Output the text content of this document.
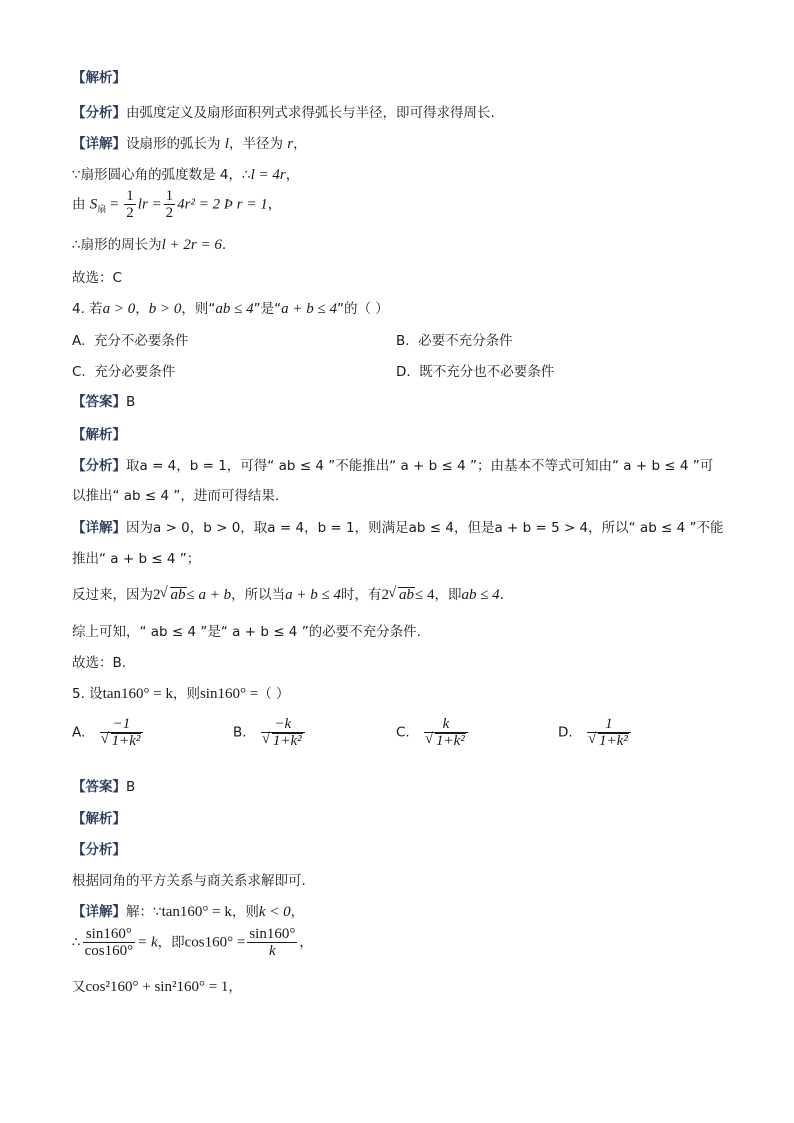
【解析】
【分析】由弧度定义及扇形面积列式求得弧长与半径，即可得求得周长.
【详解】设扇形的弧长为 l，半径为 r，
∵扇形圆心角的弧度数是 4，∴l = 4r，
由 $S_扇 = \frac{1}{2}$ lr = $\frac{1}{2} 4r^2 = 2$ Þ r = 1，
∴扇形的周长为l + 2r = 6.
故选：C
4. 若a > 0，b > 0，则“ab ≤ 4”是“a + b ≤ 4”的（ ）
A. 充分不必要条件	B. 必要不充分条件
C. 充分必要条件	D. 既不充分也不必要条件
【答案】B
【解析】
【分析】取a = 4，b = 1，可得“ ab ≤ 4 ”不能推出“ a + b ≤ 4 ”；由基本不等式可知由“ a + b ≤ 4 ”可
以推出“ ab ≤ 4 ”，进而可得结果.
【详解】因为a > 0，b > 0，取a = 4，b = 1，则满足ab ≤ 4，但是a + b = 5 > 4，所以“ ab ≤ 4 ”不能
推出“ a + b ≤ 4 ”；
反过来，因为2 √ ab≤ a + b，所以当a + b ≤ 4时，有2 √ ab≤ 4，即ab ≤ 4.
综上可知，“ ab ≤ 4 ”是“ a + b ≤ 4 ”的必要不充分条件.
故选：B.
5. 设tan160° = k，则sin160° =（ ）
A. −1
√ 1+k²	B. −k
√ 1+k²	C. k
√ 1+k²	D. 1
√ 1+k²
【答案】B
【解析】
【分析】
根据同角的平方关系与商关系求解即可.
【详解】解：∵tan160° = k，则k < 0，
∴ $\frac{\sin 160^\circ}{\cos 160^\circ} = k$，即$\cos 160^\circ = \frac{\sin 160^\circ}{k}$ ，
又cos²160° + sin²160° = 1，
